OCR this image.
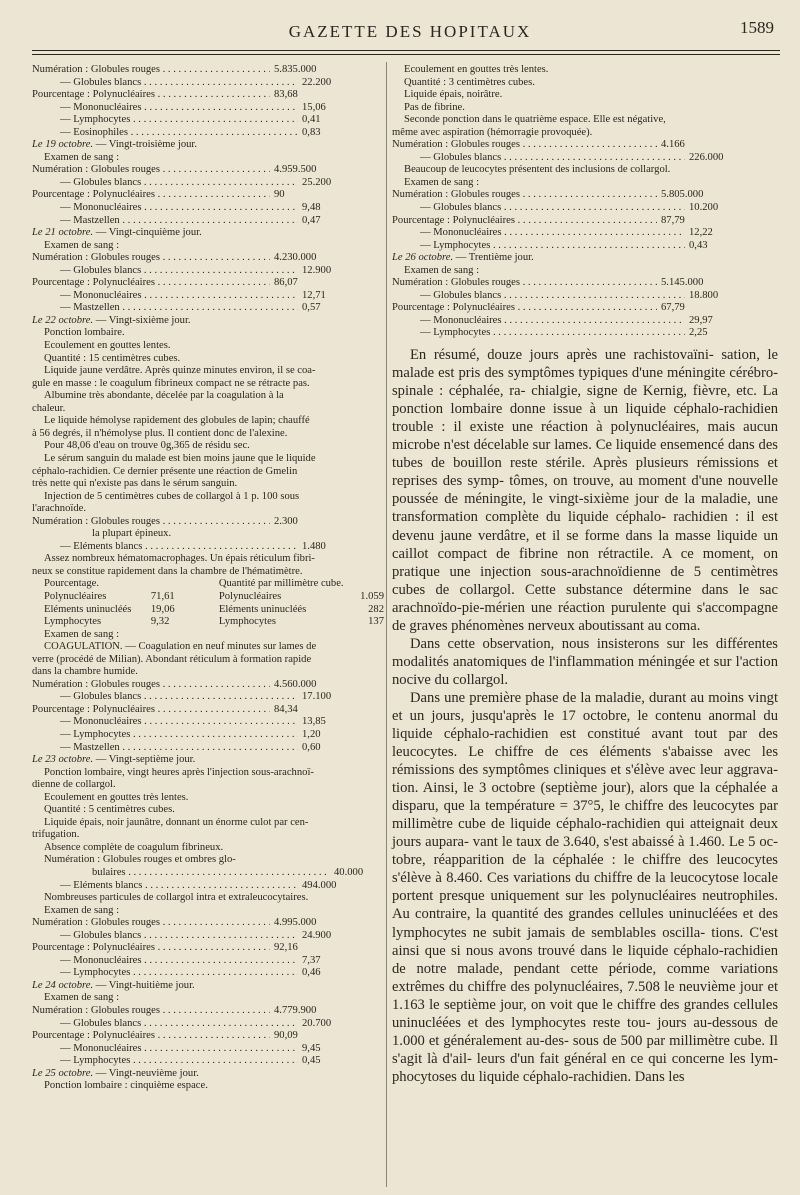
GAZETTE DES HOPITAUX	1589
Numération : Globules rouges . . .	5.835.000
— Globules blancs . . .	22.200
Pourcentage : Polynucléaires . . .	83,68
— Mononucléaires . . .	15,06
— Lymphocytes . . .	0,41
— Eosinophiles . . .	0,83
Le 19 octobre. — Vingt-troisième jour.
Examen de sang :
Numération : Globules rouges . . .	4.959.500
— Globules blancs . . .	25.200
Pourcentage : Polynucléaires . . .	90
— Mononucléaires . . .	9,48
— Mastzellen . . .	0,47
Le 21 octobre. — Vingt-cinquième jour.
Examen de sang :
Numération : Globules rouges . . .	4.230.000
— Globules blancs . . .	12.900
Pourcentage : Polynucléaires . . .	86,07
— Mononucléaires . . .	12,71
— Mastzellen . . .	0,57
Le 22 octobre. — Vingt-sixième jour.
Ponction lombaire.
Ecoulement en gouttes lentes.
Quantité : 15 centimètres cubes.
Liquide jaune verdâtre. Après quinze minutes environ, il se coa-
gule en masse : le coagulum fibrineux compact ne se rétracte pas.
Albumine très abondante, décelée par la coagulation à la
chaleur.
Le liquide hémolyse rapidement des globules de lapin; chauffé
à 56 degrés, il n'hémolyse plus. Il contient donc de l'alexine.
Pour 48,06 d'eau on trouve 0g,365 de résidu sec.
Le sérum sanguin du malade est bien moins jaune que le liquide
céphalo-rachidien. Ce dernier présente une réaction de Gmelin
très nette qui n'existe pas dans le sérum sanguin.
Injection de 5 centimètres cubes de collargol à 1 p. 100 sous
l'arachnoïde.
Numération : Globules rouges . . .	2.300
la plupart épineux.
— Eléments blancs . . .	1.480
Assez nombreux hématomacrophages. Un épais réticulum fibri-
neux se constitue rapidement dans la chambre de l'hématimètre.
Pourcentage.	Quantité par millimètre cube.
Polynucléaires	71,61	Polynucléaires	1.059
Eléments uninucléés	19,06	Eléments uninucléés	282
Lymphocytes	9,32	Lymphocytes	137
Examen de sang :
COAGULATION. — Coagulation en neuf minutes sur lames de
verre (procédé de Milian). Abondant réticulum à formation rapide
dans la chambre humide.
Numération : Globules rouges . . .	4.560.000
— Globules blancs . . .	17.100
Pourcentage : Polynucléaires . . .	84,34
— Mononucléaires . . .	13,85
— Lymphocytes . . .	1,20
— Mastzellen . . .	0,60
Le 23 octobre. — Vingt-septième jour.
Ponction lombaire, vingt heures après l'injection sous-arachnoï-
dienne de collargol.
Ecoulement en gouttes très lentes.
Quantité : 5 centimètres cubes.
Liquide épais, noir jaunâtre, donnant un énorme culot par cen-
trifugation.
Absence complète de coagulum fibrineux.
Numération : Globules rouges et ombres glo-
bulaires . . .	40.000
— Eléments blancs . . .	494.000
Nombreuses particules de collargol intra et extraleucocytaires.
Examen de sang :
Numération : Globules rouges . . .	4.995.000
— Globules blancs . . .	24.900
Pourcentage : Polynucléaires . . .	92,16
— Mononucléaires . . .	7,37
— Lymphocytes . . .	0,46
Le 24 octobre. — Vingt-huitième jour.
Examen de sang :
Numération : Globules rouges . . .	4.779.900
— Globules blancs . . .	20.700
Pourcentage : Polynucléaires . . .	90,09
— Mononucléaires . . .	9,45
— Lymphocytes . . .	0,45
Le 25 octobre. — Vingt-neuvième jour.
Ponction lombaire : cinquième espace.
Ecoulement en gouttes très lentes.
Quantité : 3 centimètres cubes.
Liquide épais, noirâtre.
Pas de fibrine.
Seconde ponction dans le quatrième espace. Elle est négative,
même avec aspiration (hémorragie provoquée).
Numération : Globules rouges . . .	4.166
— Globules blancs . . .	226.000
Beaucoup de leucocytes présentent des inclusions de collargol.
Examen de sang :
Numération : Globules rouges . . .	5.805.000
— Globules blancs . . .	10.200
Pourcentage : Polynucléaires . . .	87,79
— Mononucléaires . . .	12,22
— Lymphocytes . . .	0,43
Le 26 octobre. — Trentième jour.
Examen de sang :
Numération : Globules rouges . . .	5.145.000
— Globules blancs . . .	18.800
Pourcentage : Polynucléaires . . .	67,79
— Mononucléaires . . .	29,97
— Lymphocytes . . .	2,25

En résumé, douze jours après une rachistovaïni- sation, le malade est pris des symptômes typiques d'une méningite cérébro-spinale : céphalée, ra- chialgie, signe de Kernig, fièvre, etc. La ponction lombaire donne issue à un liquide céphalo-rachidien trouble : il existe une réaction à polynucléaires, mais aucun microbe n'est décelable sur lames. Ce liquide ensemencé dans des tubes de bouillon reste stérile. Après plusieurs rémissions et reprises des symp- tômes, on trouve, au moment d'une nouvelle poussée de méningite, le vingt-sixième jour de la maladie, une transformation complète du liquide céphalo- rachidien : il est devenu jaune verdâtre, et il se forme dans la masse liquide un caillot compact de fibrine non rétractile. A ce moment, on pratique une injection sous-arachnoïdienne de 5 centimètres cubes de collargol. Cette substance détermine dans le sac arachnoïdo-pie-mérien une réaction purulente qui s'accompagne de graves phénomènes nerveux aboutissant au coma.

Dans cette observation, nous insisterons sur les différentes modalités anatomiques de l'inflammation méningée et sur l'action nocive du collargol.

Dans une première phase de la maladie, durant au moins vingt et un jours, jusqu'après le 17 octobre, le contenu anormal du liquide céphalo-rachidien est constitué avant tout par des leucocytes. Le chiffre de ces éléments s'abaisse avec les rémissions des symptômes cliniques et s'élève avec leur aggrava- tion. Ainsi, le 3 octobre (septième jour), alors que la céphalée a disparu, que la température = 37°5, le chiffre des leucocytes par millimètre cube de liquide céphalo-rachidien qui atteignait deux jours aupara- vant le taux de 3.640, s'est abaissé à 1.460. Le 5 oc- tobre, réapparition de la céphalée : le chiffre des leucocytes s'élève à 8.460. Ces variations du chiffre de la leucocytose locale portent presque uniquement sur les polynucléaires neutrophiles. Au contraire, la quantité des grandes cellules uninucléées et des lymphocytes ne subit jamais de semblables oscilla- tions. C'est ainsi que si nous avons trouvé dans le liquide céphalo-rachidien de notre malade, pendant cette période, comme variations extrêmes du chiffre des polynucléaires, 7.508 le neuvième jour et 1.163 le septième jour, on voit que le chiffre des grandes cellules uninucléées et des lymphocytes reste tou- jours au-dessous de 1.000 et généralement au-des- sous de 500 par millimètre cube. Il s'agit là d'ail- leurs d'un fait général en ce qui concerne les lym- phocytoses du liquide céphalo-rachidien. Dans les
